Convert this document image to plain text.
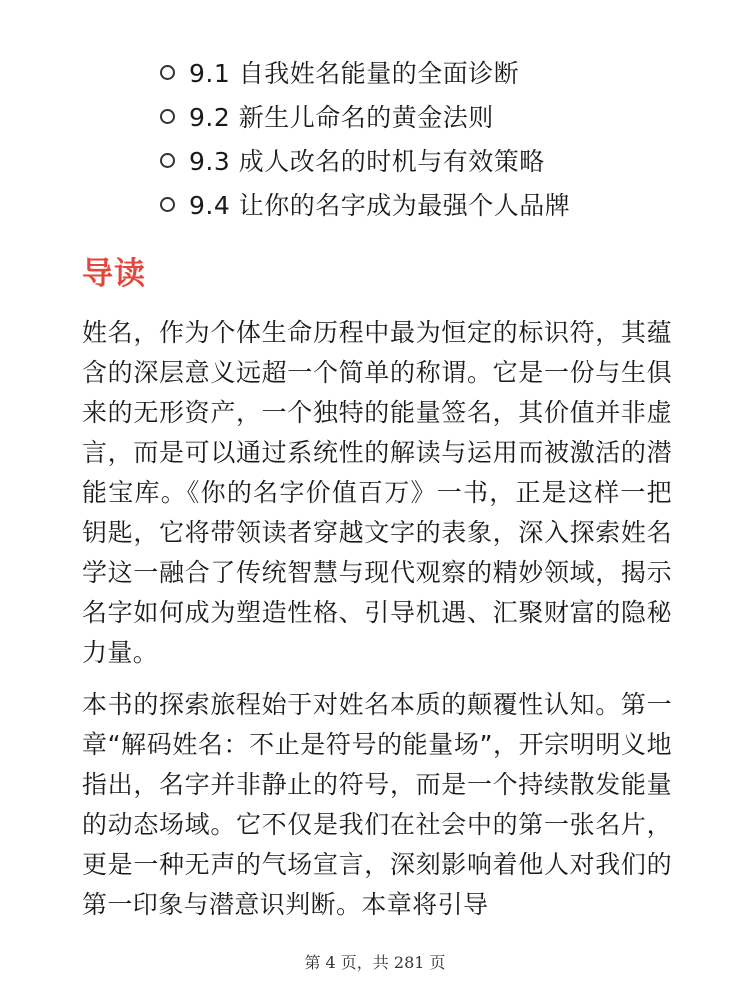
9.1 自我姓名能量的全面诊断
9.2 新生儿命名的黄金法则
9.3 成人改名的时机与有效策略
9.4 让你的名字成为最强个人品牌
导读

姓名，作为个体生命历程中最为恒定的标识符，其蕴含的深层意义远超一个简单的称谓。它是一份与生俱来的无形资产，一个独特的能量签名，其价值并非虚言，而是可以通过系统性的解读与运用而被激活的潜能宝库。《你的名字价值百万》一书，正是这样一把钥匙，它将带领读者穿越文字的表象，深入探索姓名学这一融合了传统智慧与现代观察的精妙领域，揭示名字如何成为塑造性格、引导机遇、汇聚财富的隐秘力量。

本书的探索旅程始于对姓名本质的颠覆性认知。第一章“解码姓名：不止是符号的能量场”，开宗明明义地指出，名字并非静止的符号，而是一个持续散发能量的动态场域。它不仅是我们在社会中的第一张名片，更是一种无声的气场宣言，深刻影响着他人对我们的第一印象与潜意识判断。本章将引导

第 4 页，共 281 页
